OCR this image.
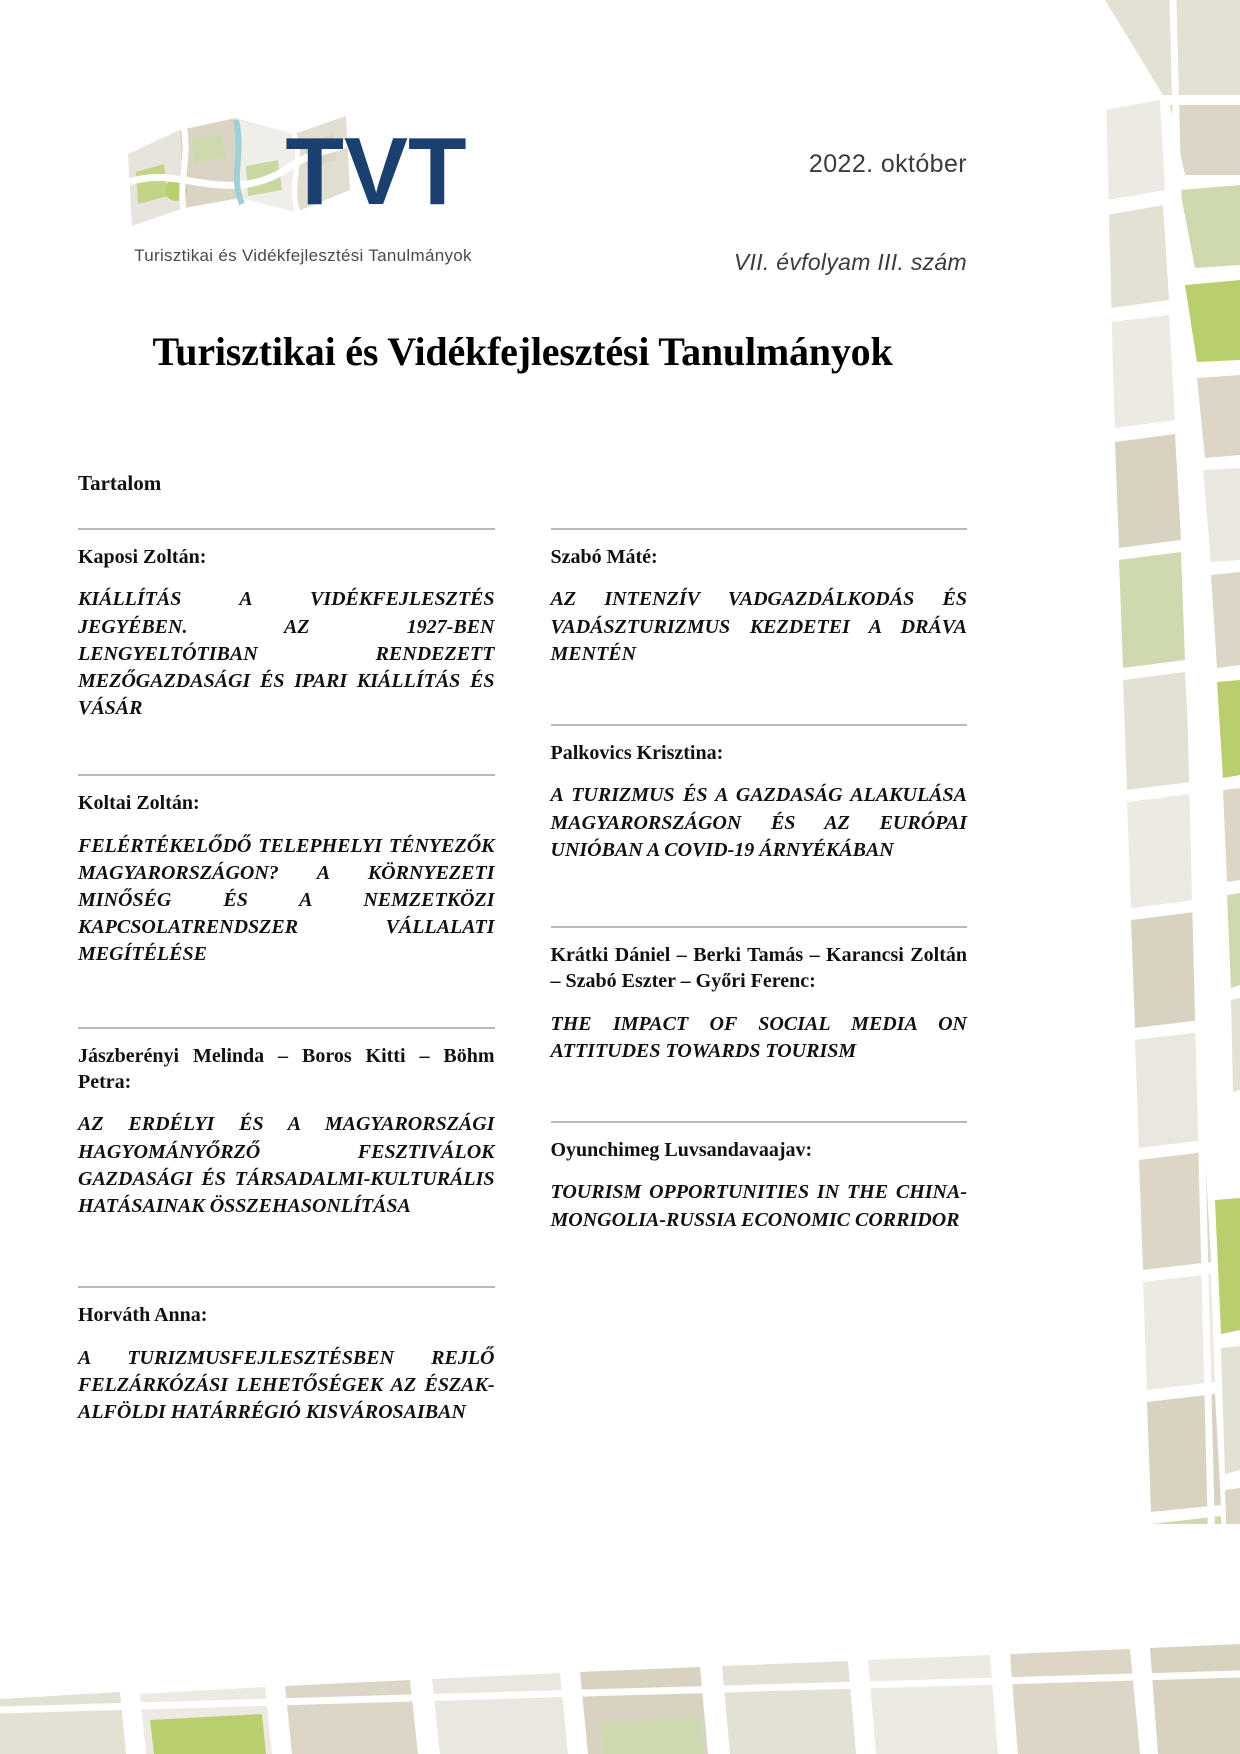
TVT
Turisztikai és Vidékfejlesztési Tanulmányok
2022. október
VII. évfolyam III. szám
Turisztikai és Vidékfejlesztési Tanulmányok
Tartalom
Kaposi Zoltán:
KIÁLLÍTÁS A VIDÉKFEJLESZTÉS JEGYÉBEN. AZ 1927-BEN LENGYELTÓTIBAN RENDEZETT MEZŐGAZDASÁGI ÉS IPARI KIÁLLÍTÁS ÉS VÁSÁR
Koltai Zoltán:
FELÉRTÉKELŐDŐ TELEPHELYI TÉNYEZŐK MAGYARORSZÁGON? A KÖRNYEZETI MINŐSÉG ÉS A NEMZETKÖZI KAPCSOLATRENDSZER VÁLLALATI MEGÍTÉLÉSE
Jászberényi Melinda – Boros Kitti – Böhm Petra:
AZ ERDÉLYI ÉS A MAGYARORSZÁGI HAGYOMÁNYŐRZŐ FESZTIVÁLOK GAZDASÁGI ÉS TÁRSADALMI-KULTURÁLIS HATÁSAINAK ÖSSZEHASONLÍTÁSA
Horváth Anna:
A TURIZMUSFEJLESZTÉSBEN REJLŐ FELZÁRKÓZÁSI LEHETŐSÉGEK AZ ÉSZAK-ALFÖLDI HATÁRRÉGIÓ KISVÁROSAIBAN
Szabó Máté:
AZ INTENZÍV VADGAZDÁLKODÁS ÉS VADÁSZTURIZMUS KEZDETEI A DRÁVA MENTÉN
Palkovics Krisztina:
A TURIZMUS ÉS A GAZDASÁG ALAKULÁSA MAGYARORSZÁGON ÉS AZ EURÓPAI UNIÓBAN A COVID-19 ÁRNYÉKÁBAN
Krátki Dániel – Berki Tamás – Karancsi Zoltán – Szabó Eszter – Győri Ferenc:
THE IMPACT OF SOCIAL MEDIA ON ATTITUDES TOWARDS TOURISM
Oyunchimeg Luvsandavaajav:
TOURISM OPPORTUNITIES IN THE CHINA-MONGOLIA-RUSSIA ECONOMIC CORRIDOR
